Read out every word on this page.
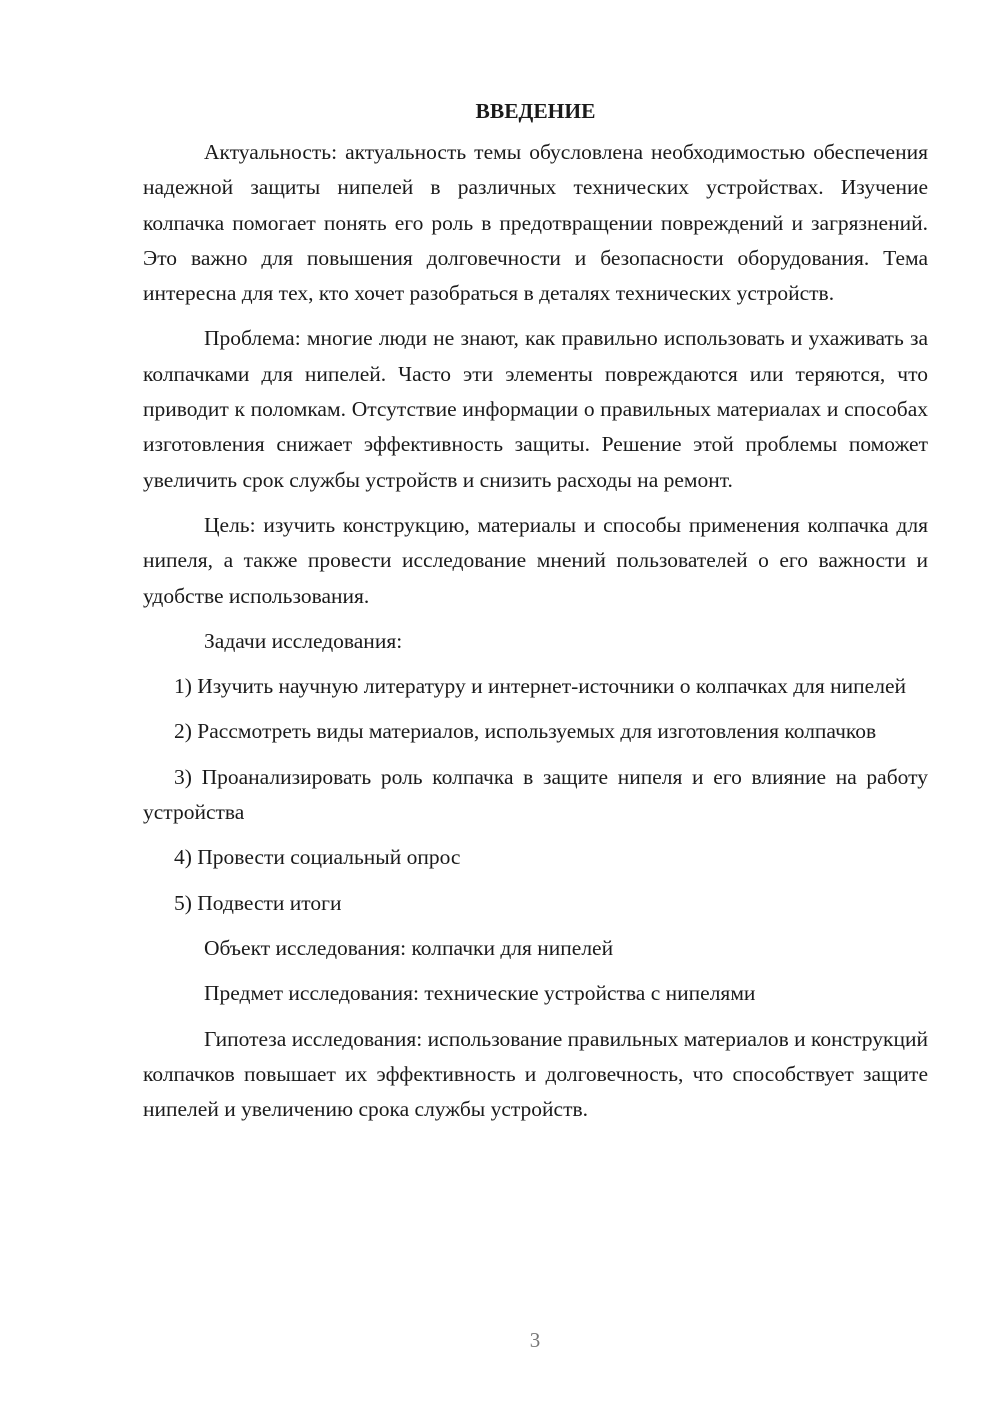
ВВЕДЕНИЕ

Актуальность: актуальность темы обусловлена необходимостью обеспечения надежной защиты нипелей в различных технических устройствах. Изучение колпачка помогает понять его роль в предотвращении повреждений и загрязнений. Это важно для повышения долговечности и безопасности оборудования. Тема интересна для тех, кто хочет разобраться в деталях технических устройств.

Проблема: многие люди не знают, как правильно использовать и ухаживать за колпачками для нипелей. Часто эти элементы повреждаются или теряются, что приводит к поломкам. Отсутствие информации о правильных материалах и способах изготовления снижает эффективность защиты. Решение этой проблемы поможет увеличить срок службы устройств и снизить расходы на ремонт.

Цель: изучить конструкцию, материалы и способы применения колпачка для нипеля, а также провести исследование мнений пользователей о его важности и удобстве использования.

Задачи исследования:

1) Изучить научную литературу и интернет-источники о колпачках для нипелей

2) Рассмотреть виды материалов, используемых для изготовления колпачков

3) Проанализировать роль колпачка в защите нипеля и его влияние на работу устройства

4) Провести социальный опрос

5) Подвести итоги

Объект исследования: колпачки для нипелей

Предмет исследования: технические устройства с нипелями

Гипотеза исследования: использование правильных материалов и конструкций колпачков повышает их эффективность и долговечность, что способствует защите нипелей и увеличению срока службы устройств.

3
